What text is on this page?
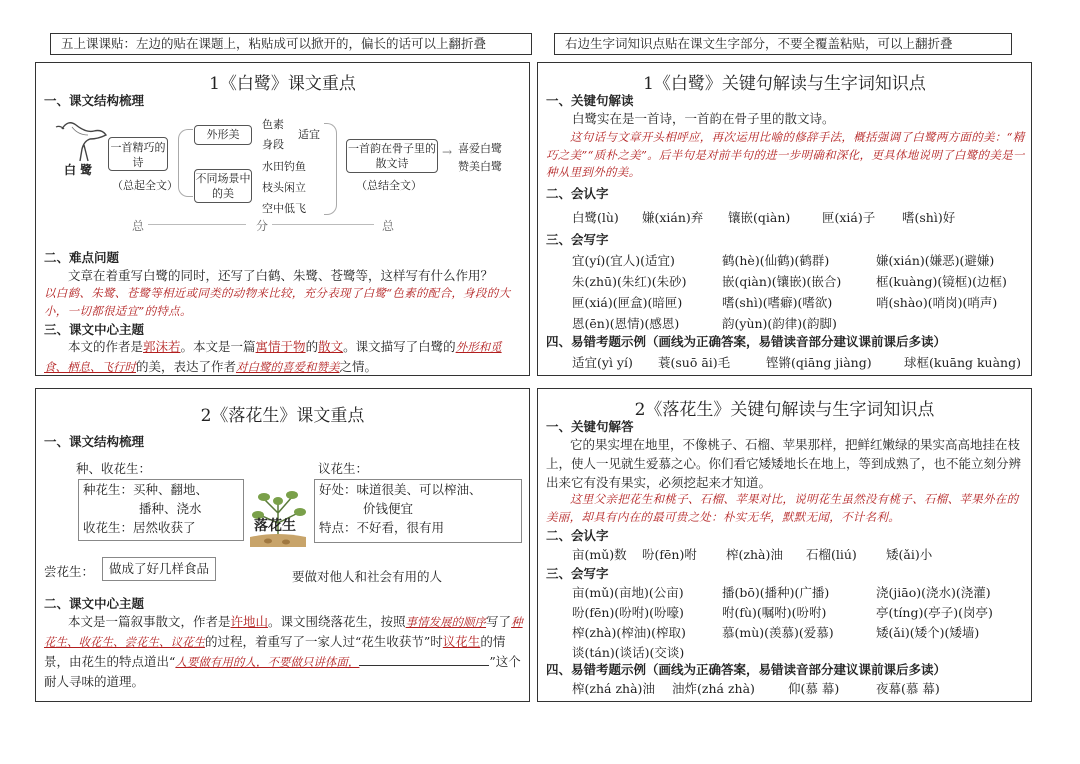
五上课课贴：左边的贴在课题上，粘贴成可以掀开的，偏长的话可以上翻折叠	右边生字词知识点贴在课文生字部分，不要全覆盖粘贴，可以上翻折叠
1《白鹭》课文重点
一、课文结构梳理
白 鹭
一首精巧的诗
（总起全文）
外形美
不同场景中的美
色素
身段
适宜
水田钓鱼
枝头闲立
空中低飞
一首韵在骨子里的散文诗
（总结全文）
→ 喜爱白鹭
赞美白鹭
总	分	总
二、难点问题
文章在着重写白鹭的同时，还写了白鹤、朱鹭、苍鹭等，这样写有什么作用？
以白鹤、朱鹭、苍鹭等相近或同类的动物来比较，充分表现了白鹭“色素的配合，身段的大小，一切都很适宜”的特点。
三、课文中心主题
本文的作者是郭沫若。本文是一篇寓情于物的散文。课文描写了白鹭的外形和觅食、栖息、飞行时的美，表达了作者对白鹭的喜爱和赞美之情。
1《白鹭》关键句解读与生字词知识点
一、关键句解读
白鹭实在是一首诗，一首韵在骨子里的散文诗。
这句话与文章开头相呼应，再次运用比喻的修辞手法，概括强调了白鹭两方面的美：“精巧之美”“质朴之美”。后半句是对前半句的进一步明确和深化，更具体地说明了白鹭的美是一种从里到外的美。
二、会认字
白鹭(lù) 嫌(xián)弃 镶嵌(qiàn)	匣(xiá)子 嗜(shì)好
三、会写字
宜(yí)(宜人)(适宜)	鹤(hè)(仙鹤)(鹤群)	嫌(xián)(嫌恶)(避嫌)
朱(zhū)(朱红)(朱砂)	嵌(qiàn)(镶嵌)(嵌合)	框(kuàng)(镜框)(边框)
匣(xiá)(匣盒)(暗匣)	嗜(shì)(嗜癖)(嗜欲)	哨(shào)(哨岗)(哨声)
恩(ēn)(恩情)(感恩)	韵(yùn)(韵律)(韵脚)
四、易错考题示例（画线为正确答案，易错读音部分建议课前课后多读）
适宜(yì yí) 蓑(suō āi)毛	铿锵(qiāng jiàng)	球框(kuāng kuàng)
2《落花生》课文重点
一、课文结构梳理
种、收花生：	议花生：
种花生：买种、翻地、
播种、浇水
收花生：居然收获了	落花生
好处：味道很美、可以榨油、
价钱便宜
特点：不好看，很有用
尝花生：	做成了好几样食品
要做对他人和社会有用的人
二、课文中心主题
本文是一篇叙事散文，作者是许地山。课文围绕落花生，按照事情发展的顺序写了种花生、收花生、尝花生、议花生的过程，着重写了一家人过“花生收获节”时议花生的情景，由花生的特点道出“人要做有用的人，不要做只讲体面，	”这个耐人寻味的道理。
2《落花生》关键句解读与生字词知识点
一、关键句解答
它的果实埋在地里，不像桃子、石榴、苹果那样，把鲜红嫩绿的果实高高地挂在枝上，使人一见就生爱慕之心。你们看它矮矮地长在地上，等到成熟了，也不能立刻分辨出来它有没有果实，必须挖起来才知道。
这里父亲把花生和桃子、石榴、苹果对比，说明花生虽然没有桃子、石榴、苹果外在的美丽，却具有内在的最可贵之处：朴实无华，默默无闻，不计名利。
二、会认字
亩(mǔ)数 吩(fēn)咐 榨(zhà)油 石榴(liú) 矮(ǎi)小
三、会写字
亩(mǔ)(亩地)(公亩)	播(bō)(播种)(广播)	浇(jiāo)(浇水)(浇灌)
吩(fēn)(吩咐)(吩嚎)	咐(fù)(嘱咐)(吩咐)	亭(tíng)(亭子)(岗亭)
榨(zhà)(榨油)(榨取)	慕(mù)(羡慕)(爱慕)	矮(ǎi)(矮个)(矮墙)
谈(tán)(谈话)(交谈)
四、易错考题示例（画线为正确答案，易错读音部分建议课前课后多读）
榨(zhá zhà)油 油炸(zhá zhà)	仰(慕 幕)	夜幕(慕 幕)
